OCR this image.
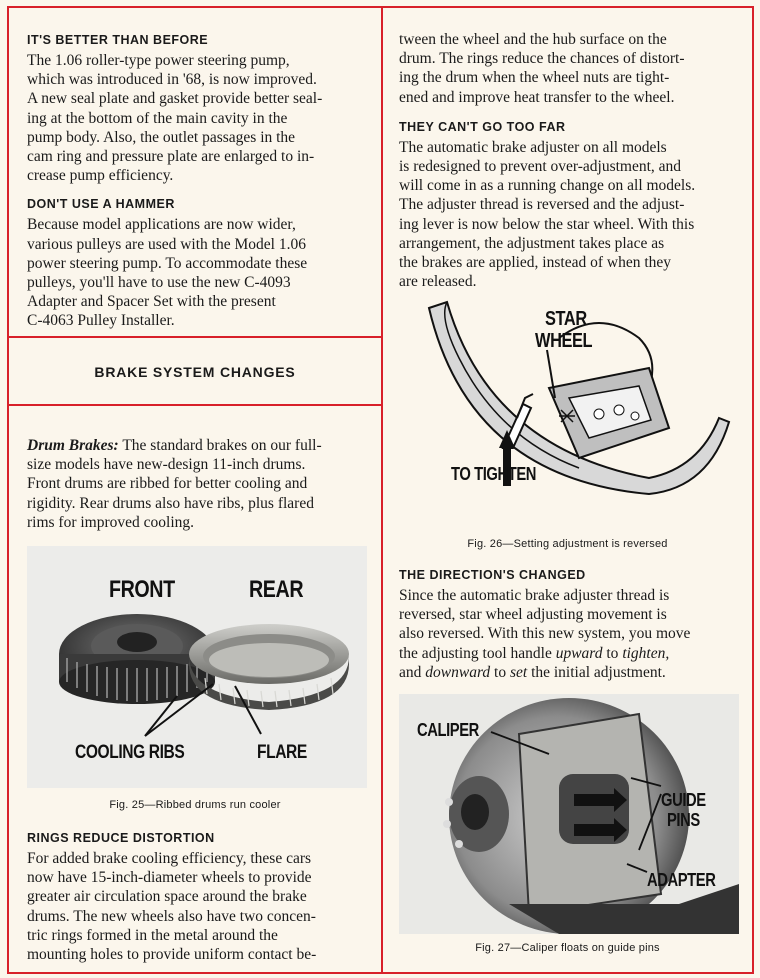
IT'S BETTER THAN BEFORE

The 1.06 roller-type power steering pump,

which was introduced in '68, is now improved.

A new seal plate and gasket provide better seal-

ing at the bottom of the main cavity in the

pump body. Also, the outlet passages in the

cam ring and pressure plate are enlarged to in-

crease pump efficiency.

DON'T USE A HAMMER

Because model applications are now wider,

various pulleys are used with the Model 1.06

power steering pump. To accommodate these

pulleys, you'll have to use the new C-4093

Adapter and Spacer Set with the present

C-4063 Pulley Installer.

BRAKE SYSTEM CHANGES

Drum Brakes: The standard brakes on our full-

size models have new-design 11-inch drums.

Front drums are ribbed for better cooling and

rigidity. Rear drums also have ribs, plus flared

rims for improved cooling.

FRONT	REAR
COOLING RIBS	FLARE

Fig. 25—Ribbed drums run cooler

RINGS REDUCE DISTORTION

For added brake cooling efficiency, these cars

now have 15-inch-diameter wheels to provide

greater air circulation space around the brake

drums. The new wheels also have two concen-

tric rings formed in the metal around the

mounting holes to provide uniform contact be-

tween the wheel and the hub surface on the

drum. The rings reduce the chances of distort-

ing the drum when the wheel nuts are tight-

ened and improve heat transfer to the wheel.

THEY CAN'T GO TOO FAR

The automatic brake adjuster on all models

is redesigned to prevent over-adjustment, and

will come in as a running change on all models.

The adjuster thread is reversed and the adjust-

ing lever is now below the star wheel. With this

arrangement, the adjustment takes place as

the brakes are applied, instead of when they

are released.

STAR
WHEEL
TO TIGHTEN

Fig. 26—Setting adjustment is reversed

THE DIRECTION'S CHANGED

Since the automatic brake adjuster thread is

reversed, star wheel adjusting movement is

also reversed. With this new system, you move

the adjusting tool handle upward to tighten,

and downward to set the initial adjustment.

CALIPER
GUIDE
PINS
ADAPTER

Fig. 27—Caliper floats on guide pins
